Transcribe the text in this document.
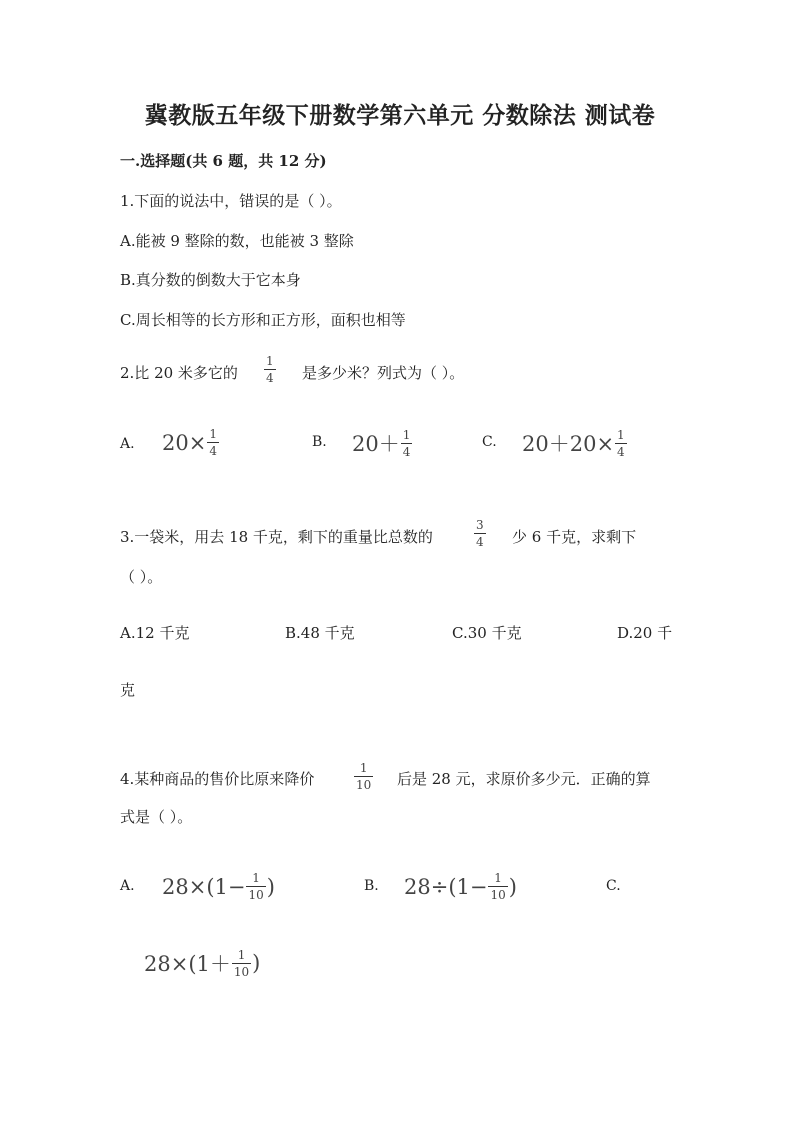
冀教版五年级下册数学第六单元 分数除法 测试卷
一.选择题(共 6 题，共 12 分)
1.下面的说法中，错误的是（ ）。
A.能被 9 整除的数，也能被 3 整除
B.真分数的倒数大于它本身
C.周长相等的长方形和正方形，面积也相等
2.比 20 米多它的 $\frac{1}{4}$ 是多少米？列式为（ ）。
A. $20\times \frac{1}{4}$	B. $20+ \frac{1}{4}$	C. $20+20\times \frac{1}{4}$
3.一袋米，用去 18 千克，剩下的重量比总数的	$\frac{3}{4}$ 少 6 千克，求剩下
（ ）。
A.12 千克	B.48 千克	C.30 千克	D.20 千
克
4.某种商品的售价比原来降价	$\frac{1}{10}$ 后是 28 元，求原价多少元．正确的算
式是（ ）。
A. $28\times(1- \frac{1}{10}$ )	B. $28\div(1- \frac{1}{10}$ )	C.
$28\times(1+ \frac{1}{10}$ )
